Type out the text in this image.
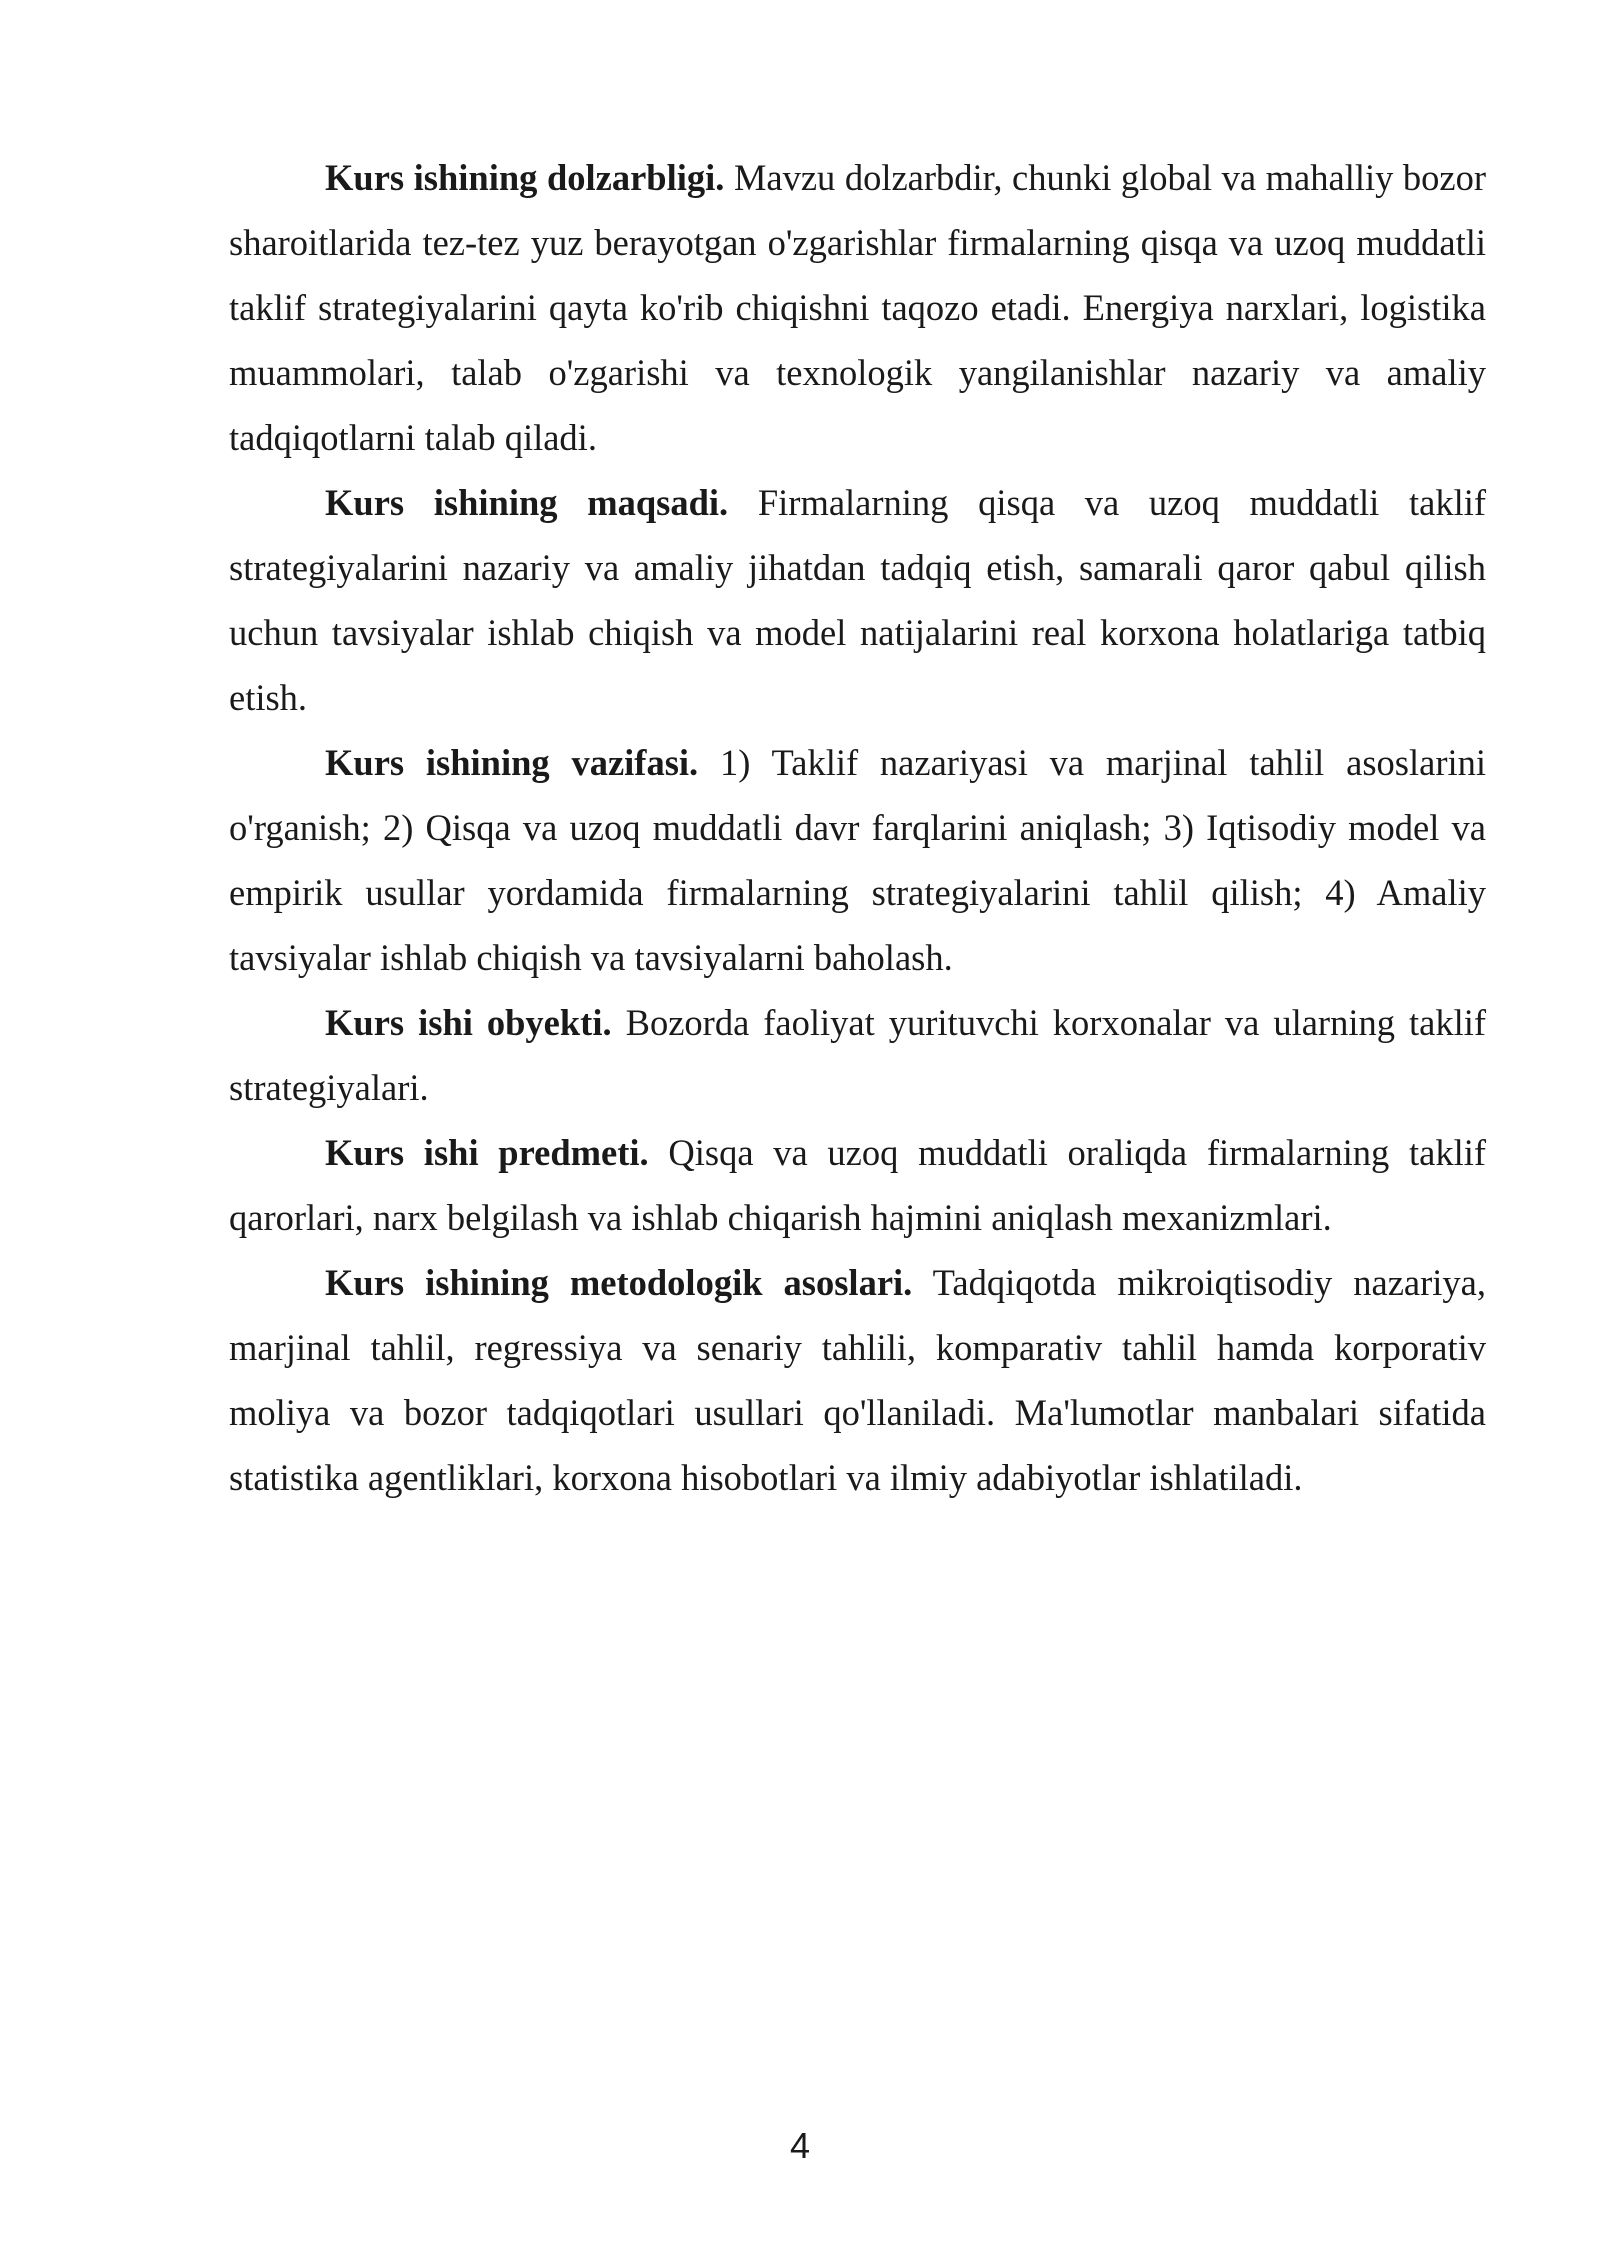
Kurs ishining dolzarbligi. Mavzu dolzarbdir, chunki global va mahalliy bozor sharoitlarida tez-tez yuz berayotgan o'zgarishlar firmalarning qisqa va uzoq muddatli taklif strategiyalarini qayta ko'rib chiqishni taqozo etadi. Energiya narxlari, logistika muammolari, talab o'zgarishi va texnologik yangilanishlar nazariy va amaliy tadqiqotlarni talab qiladi.

Kurs ishining maqsadi. Firmalarning qisqa va uzoq muddatli taklif strategiyalarini nazariy va amaliy jihatdan tadqiq etish, samarali qaror qabul qilish uchun tavsiyalar ishlab chiqish va model natijalarini real korxona holatlariga tatbiq etish.

Kurs ishining vazifasi. 1) Taklif nazariyasi va marjinal tahlil asoslarini o'rganish; 2) Qisqa va uzoq muddatli davr farqlarini aniqlash; 3) Iqtisodiy model va empirik usullar yordamida firmalarning strategiyalarini tahlil qilish; 4) Amaliy tavsiyalar ishlab chiqish va tavsiyalarni baholash.

Kurs ishi obyekti. Bozorda faoliyat yurituvchi korxonalar va ularning taklif strategiyalari.

Kurs ishi predmeti. Qisqa va uzoq muddatli oraliqda firmalarning taklif qarorlari, narx belgilash va ishlab chiqarish hajmini aniqlash mexanizmlari.

Kurs ishining metodologik asoslari. Tadqiqotda mikroiqtisodiy nazariya, marjinal tahlil, regressiya va senariy tahlili, komparativ tahlil hamda korporativ moliya va bozor tadqiqotlari usullari qo'llaniladi. Ma'lumotlar manbalari sifatida statistika agentliklari, korxona hisobotlari va ilmiy adabiyotlar ishlatiladi.

4
